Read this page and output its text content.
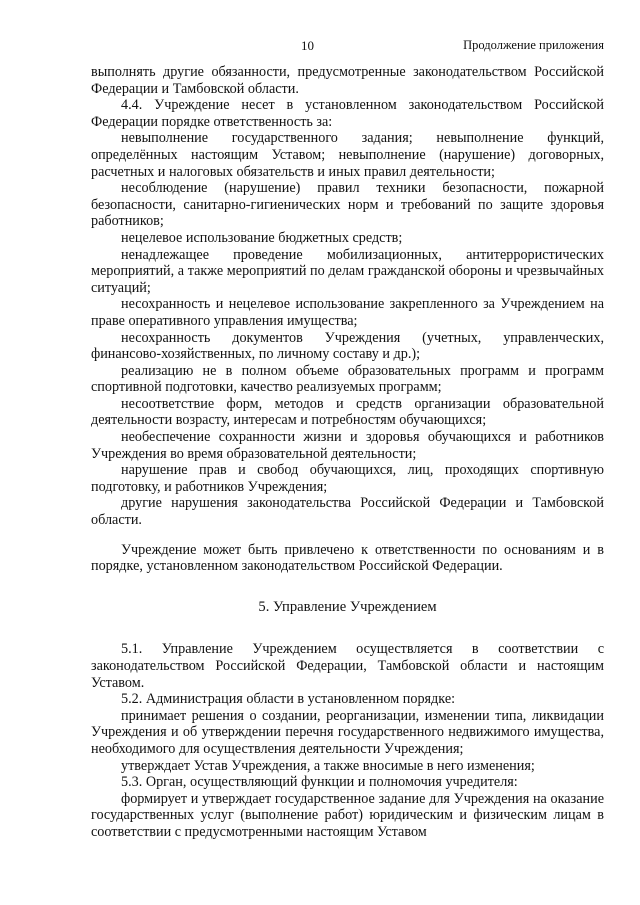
10	Продолжение приложения

выполнять другие обязанности, предусмотренные законодательством Российской Федерации и Тамбовской области.

4.4. Учреждение несет в установленном законодательством Российской Федерации порядке ответственность за:

невыполнение государственного задания; невыполнение функций, определённых настоящим Уставом; невыполнение (нарушение) договорных, расчетных и налоговых обязательств и иных правил деятельности;

несоблюдение (нарушение) правил техники безопасности, пожарной безопасности, санитарно-гигиенических норм и требований по защите здоровья работников;

нецелевое использование бюджетных средств;

ненадлежащее проведение мобилизационных, антитеррористических мероприятий, а также мероприятий по делам гражданской обороны и чрезвычайных ситуаций;

несохранность и нецелевое использование закрепленного за Учреждением на праве оперативного управления имущества;

несохранность документов Учреждения (учетных, управленческих, финансово-хозяйственных, по личному составу и др.);

реализацию не в полном объеме образовательных программ и программ спортивной подготовки, качество реализуемых программ;

несоответствие форм, методов и средств организации образовательной деятельности возрасту, интересам и потребностям обучающихся;

необеспечение сохранности жизни и здоровья обучающихся и работников Учреждения во время образовательной деятельности;

нарушение прав и свобод обучающихся, лиц, проходящих спортивную подготовку, и работников Учреждения;

другие нарушения законодательства Российской Федерации и Тамбовской области.

Учреждение может быть привлечено к ответственности по основаниям и в порядке, установленном законодательством Российской Федерации.

5. Управление Учреждением

5.1. Управление Учреждением осуществляется в соответствии с законодательством Российской Федерации, Тамбовской области и настоящим Уставом.

5.2. Администрация области в установленном порядке:

принимает решения о создании, реорганизации, изменении типа, ликвидации Учреждения и об утверждении перечня государственного недвижимого имущества, необходимого для осуществления деятельности Учреждения;

утверждает Устав Учреждения, а также вносимые в него изменения;

5.3. Орган, осуществляющий функции и полномочия учредителя:

формирует и утверждает государственное задание для Учреждения на оказание государственных услуг (выполнение работ) юридическим и физическим лицам в соответствии с предусмотренными настоящим Уставом
